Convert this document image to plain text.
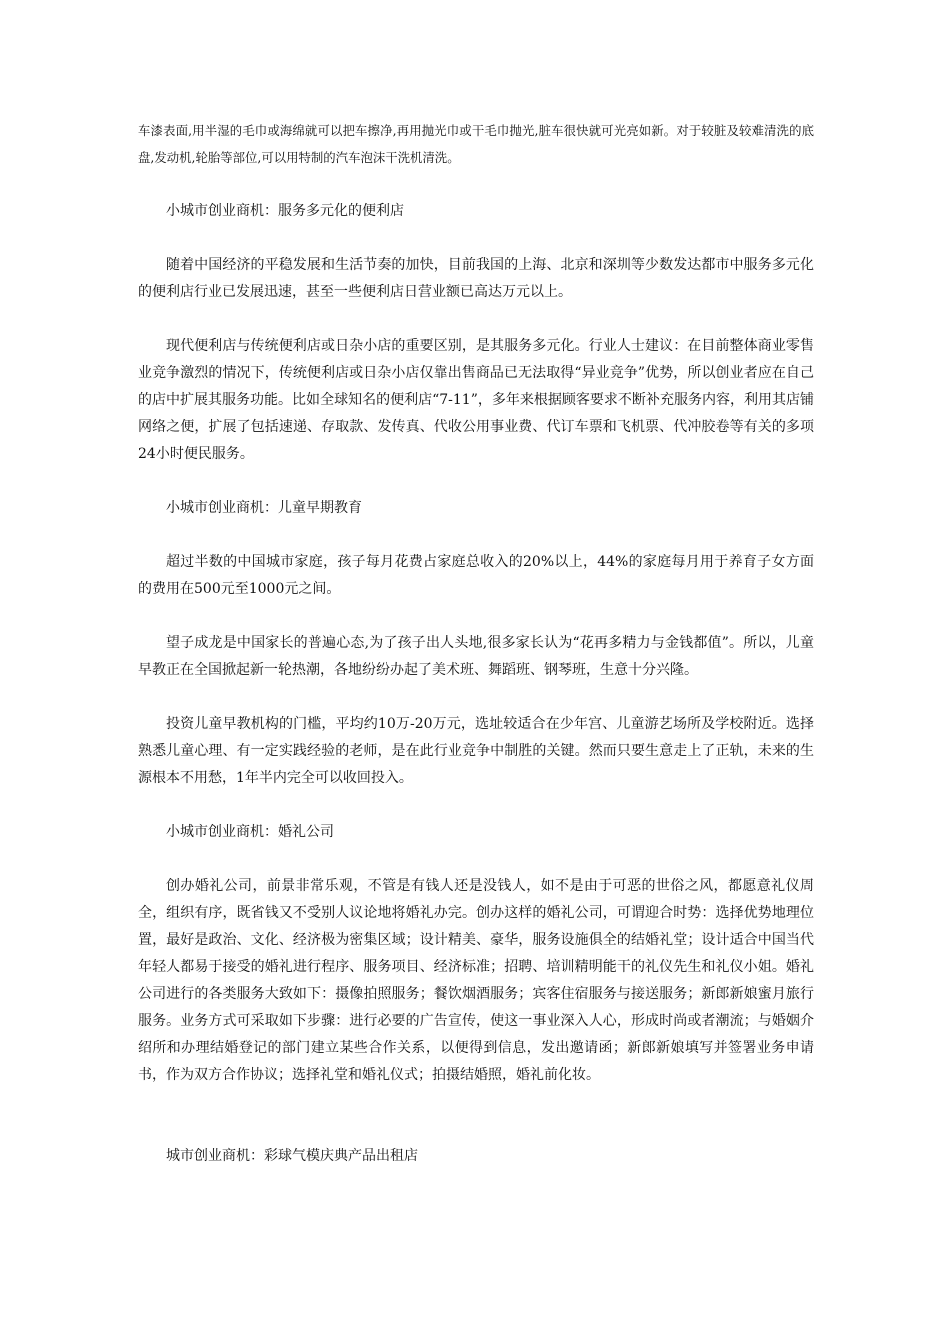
车漆表面,用半湿的毛巾或海绵就可以把车擦净,再用抛光巾或干毛巾抛光,脏车很快就可光亮如新。对于较脏及较难清洗的底盘,发动机,轮胎等部位,可以用特制的汽车泡沫干洗机清洗。

小城市创业商机：服务多元化的便利店

随着中国经济的平稳发展和生活节奏的加快，目前我国的上海、北京和深圳等少数发达都市中服务多元化的便利店行业已发展迅速，甚至一些便利店日营业额已高达万元以上。

现代便利店与传统便利店或日杂小店的重要区别，是其服务多元化。行业人士建议：在目前整体商业零售业竞争激烈的情况下，传统便利店或日杂小店仅靠出售商品已无法取得“异业竞争”优势，所以创业者应在自己的店中扩展其服务功能。比如全球知名的便利店“7-11”，多年来根据顾客要求不断补充服务内容，利用其店铺网络之便，扩展了包括速递、存取款、发传真、代收公用事业费、代订车票和飞机票、代冲胶卷等有关的多项24小时便民服务。

小城市创业商机：儿童早期教育

超过半数的中国城市家庭，孩子每月花费占家庭总收入的20%以上，44%的家庭每月用于养育子女方面的费用在500元至1000元之间。

望子成龙是中国家长的普遍心态,为了孩子出人头地,很多家长认为“花再多精力与金钱都值”。所以，儿童早教正在全国掀起新一轮热潮，各地纷纷办起了美术班、舞蹈班、钢琴班，生意十分兴隆。

投资儿童早教机构的门槛，平均约10万-20万元，选址较适合在少年宫、儿童游艺场所及学校附近。选择熟悉儿童心理、有一定实践经验的老师，是在此行业竞争中制胜的关键。然而只要生意走上了正轨，未来的生源根本不用愁，1年半内完全可以收回投入。

小城市创业商机：婚礼公司

创办婚礼公司，前景非常乐观，不管是有钱人还是没钱人，如不是由于可恶的世俗之风，都愿意礼仪周全，组织有序，既省钱又不受别人议论地将婚礼办完。创办这样的婚礼公司，可谓迎合时势：选择优势地理位置，最好是政治、文化、经济极为密集区域；设计精美、豪华，服务设施俱全的结婚礼堂；设计适合中国当代年轻人都易于接受的婚礼进行程序、服务项目、经济标准；招聘、培训精明能干的礼仪先生和礼仪小姐。婚礼公司进行的各类服务大致如下：摄像拍照服务；餐饮烟酒服务；宾客住宿服务与接送服务；新郎新娘蜜月旅行服务。业务方式可采取如下步骤：进行必要的广告宣传，使这一事业深入人心，形成时尚或者潮流；与婚姻介绍所和办理结婚登记的部门建立某些合作关系，以便得到信息，发出邀请函；新郎新娘填写并签署业务申请书，作为双方合作协议；选择礼堂和婚礼仪式；拍摄结婚照，婚礼前化妆。

城市创业商机：彩球气模庆典产品出租店
